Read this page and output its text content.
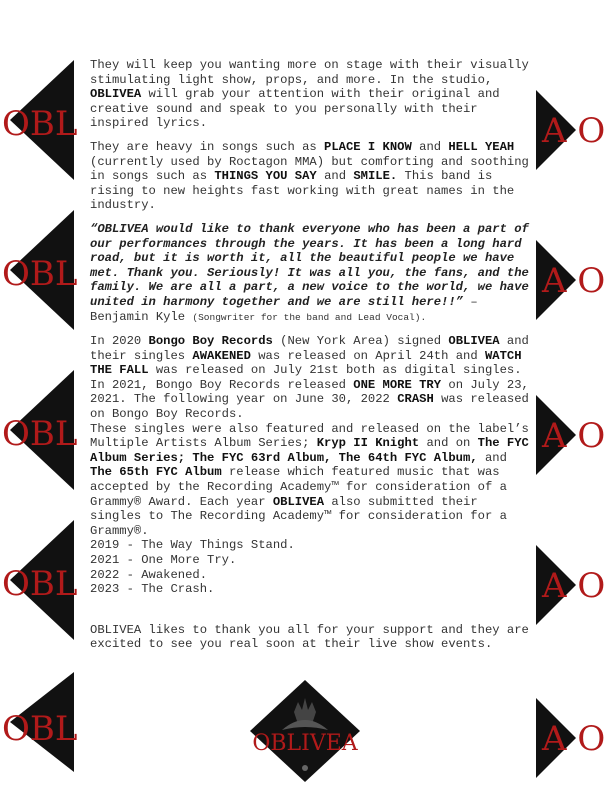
OBL
OBL
OBL
OBL
OBL
A O
A O
A O
A O
A O

They will keep you wanting more on stage with their visually stimulating light show, props, and more. In the studio, OBLIVEA will grab your attention with their original and creative sound and speak to you personally with their inspired lyrics.

They are heavy in songs such as PLACE I KNOW and HELL YEAH (currently used by Roctagon MMA) but comforting and soothing in songs such as THINGS YOU SAY and SMILE. This band is rising to new heights fast working with great names in the industry.

“OBLIVEA would like to thank everyone who has been a part of our performances through the years. It has been a long hard road, but it is worth it, all the beautiful people we have met. Thank you. Seriously! It was all you, the fans, and the family. We are all a part, a new voice to the world, we have united in harmony together and we are still here!!” – Benjamin Kyle (Songwriter for the band and Lead Vocal).

In 2020 Bongo Boy Records (New York Area) signed OBLIVEA and their singles AWAKENED was released on April 24th and WATCH THE FALL was released on July 21st both as digital singles. In 2021, Bongo Boy Records released ONE MORE TRY on July 23, 2021. The following year on June 30, 2022 CRASH was released on Bongo Boy Records.
These singles were also featured and released on the label’s Multiple Artists Album Series; Kryp II Knight and on The FYC Album Series; The FYC 63rd Album, The 64th FYC Album, and The 65th FYC Album release which featured music that was accepted by the Recording Academy™ for consideration of a Grammy® Award. Each year OBLIVEA also submitted their singles to The Recording Academy™ for consideration for a Grammy®.
2019 - The Way Things Stand.
2021 - One More Try.
2022 - Awakened.
2023 - The Crash.

OBLIVEA likes to thank you all for your support and they are excited to see you real soon at their live show events.

OBLIVEA
